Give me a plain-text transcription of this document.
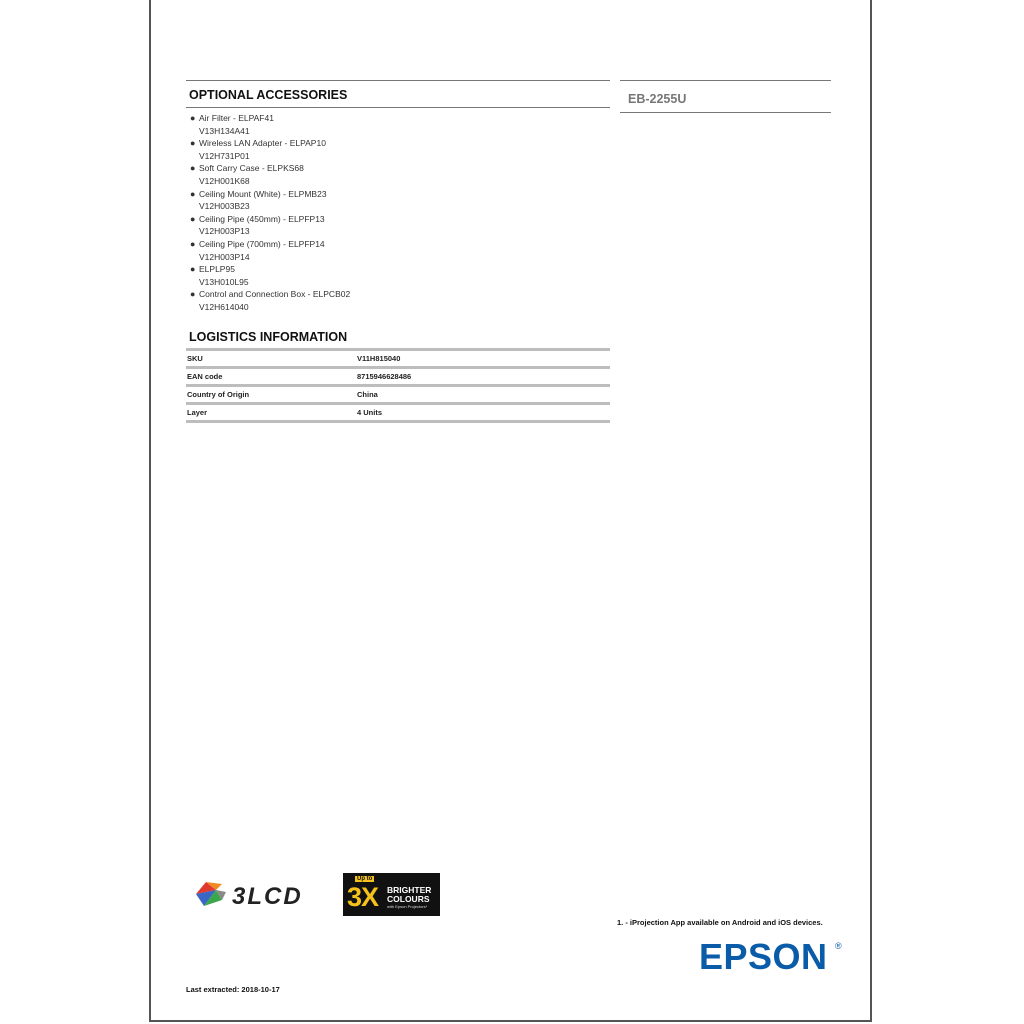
OPTIONAL ACCESSORIES	EB-2255U
● Air Filter - ELPAF41
V13H134A41
● Wireless LAN Adapter - ELPAP10
V12H731P01
● Soft Carry Case - ELPKS68
V12H001K68
● Ceiling Mount (White) - ELPMB23
V12H003B23
● Ceiling Pipe (450mm) - ELPFP13
V12H003P13
● Ceiling Pipe (700mm) - ELPFP14
V12H003P14
● ELPLP95
V13H010L95
● Control and Connection Box - ELPCB02
V12H614040
LOGISTICS INFORMATION
SKU	V11H815040
EAN code	8715946628486
Country of Origin	China
Layer	4 Units
3LCD
Up to
3X BRIGHTER
COLOURS
with Epson Projectors*
1. - iProjection App available on Android and iOS devices.
EPSON ®
Last extracted: 2018-10-17
